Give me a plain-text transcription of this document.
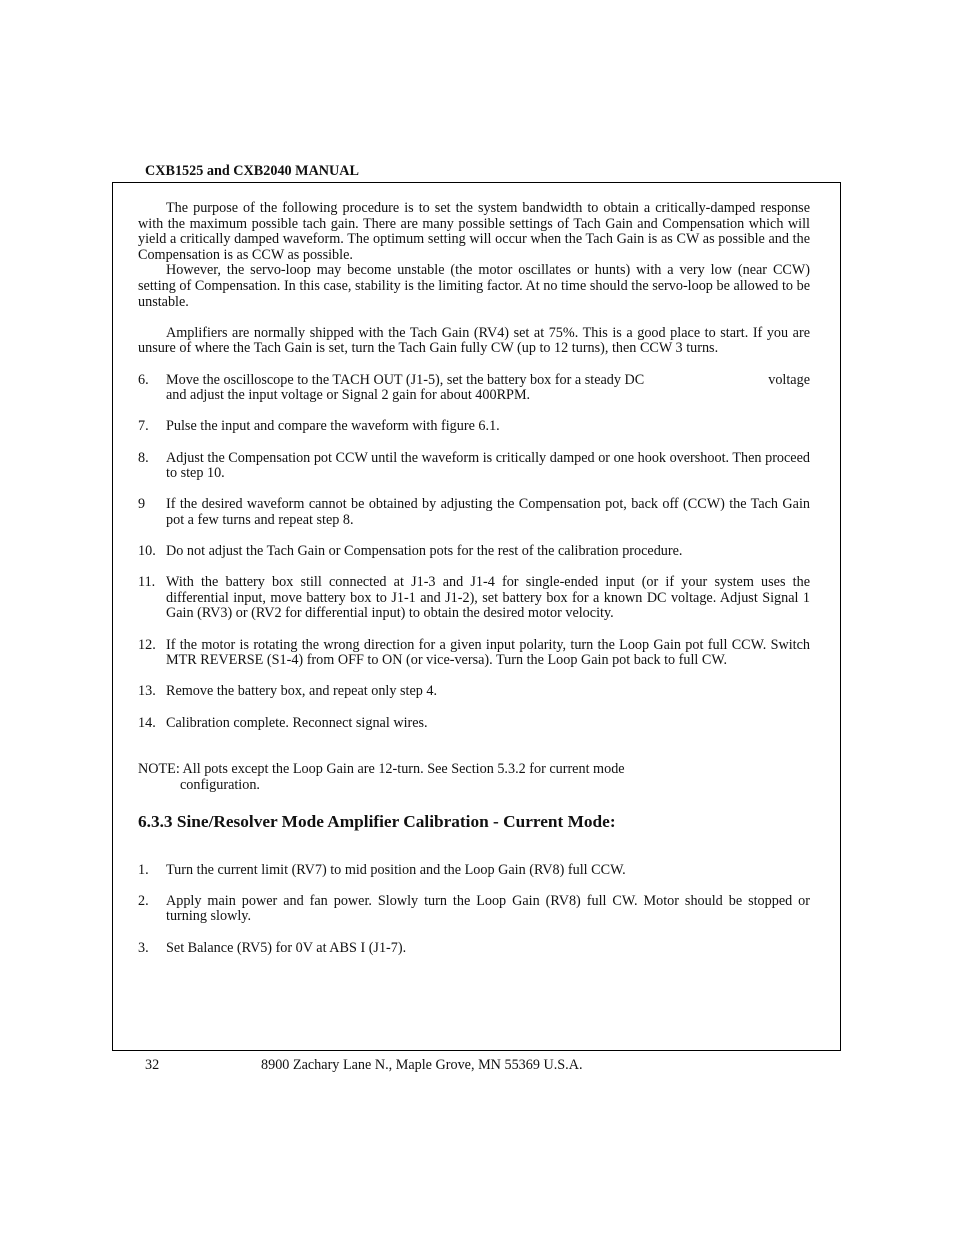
CXB1525 and CXB2040 MANUAL

The purpose of the following procedure is to set the system bandwidth to obtain a critically-damped response with the maximum possible tach gain. There are many possible settings of Tach Gain and Compensation which will yield a critically damped waveform. The optimum setting will occur when the Tach Gain is as CW as possible and the Compensation is as CCW as possible.

However, the servo-loop may become unstable (the motor oscillates or hunts) with a very low (near CCW) setting of Compensation. In this case, stability is the limiting factor. At no time should the servo-loop be allowed to be unstable.

Amplifiers are normally shipped with the Tach Gain (RV4) set at 75%. This is a good place to start. If you are unsure of where the Tach Gain is set, turn the Tach Gain fully CW (up to 12 turns), then CCW 3 turns.

6.	Move the oscilloscope to the TACH OUT (J1-5), set the battery box for a steady DC	voltage
and adjust the input voltage or Signal 2 gain for about 400RPM.
7.	Pulse the input and compare the waveform with figure 6.1.
8.	Adjust the Compensation pot CCW until the waveform is critically damped or one hook overshoot. Then proceed to step 10.
9	If the desired waveform cannot be obtained by adjusting the Compensation pot, back off (CCW) the Tach Gain pot a few turns and repeat step 8.
10. Do not adjust the Tach Gain or Compensation pots for the rest of the calibration procedure.
11. With the battery box still connected at J1-3 and J1-4 for single-ended input (or if your system uses the differential input, move battery box to J1-1 and J1-2), set battery box for a known DC voltage. Adjust Signal 1 Gain (RV3) or (RV2 for differential input) to obtain the desired motor velocity.
12. If the motor is rotating the wrong direction for a given input polarity, turn the Loop Gain pot full CCW. Switch MTR REVERSE (S1-4) from OFF to ON (or vice-versa). Turn the Loop Gain pot back to full CW.
13. Remove the battery box, and repeat only step 4.
14. Calibration complete. Reconnect signal wires.
NOTE: All pots except the Loop Gain are 12-turn. See Section 5.3.2 for current mode
configuration.

6.3.3 Sine/Resolver Mode Amplifier Calibration - Current Mode:

1.	Turn the current limit (RV7) to mid position and the Loop Gain (RV8) full CCW.
2.	Apply main power and fan power. Slowly turn the Loop Gain (RV8) full CW. Motor should be stopped or turning slowly.
3.	Set Balance (RV5) for 0V at ABS I (J1-7).
32	8900 Zachary Lane N., Maple Grove, MN 55369 U.S.A.
